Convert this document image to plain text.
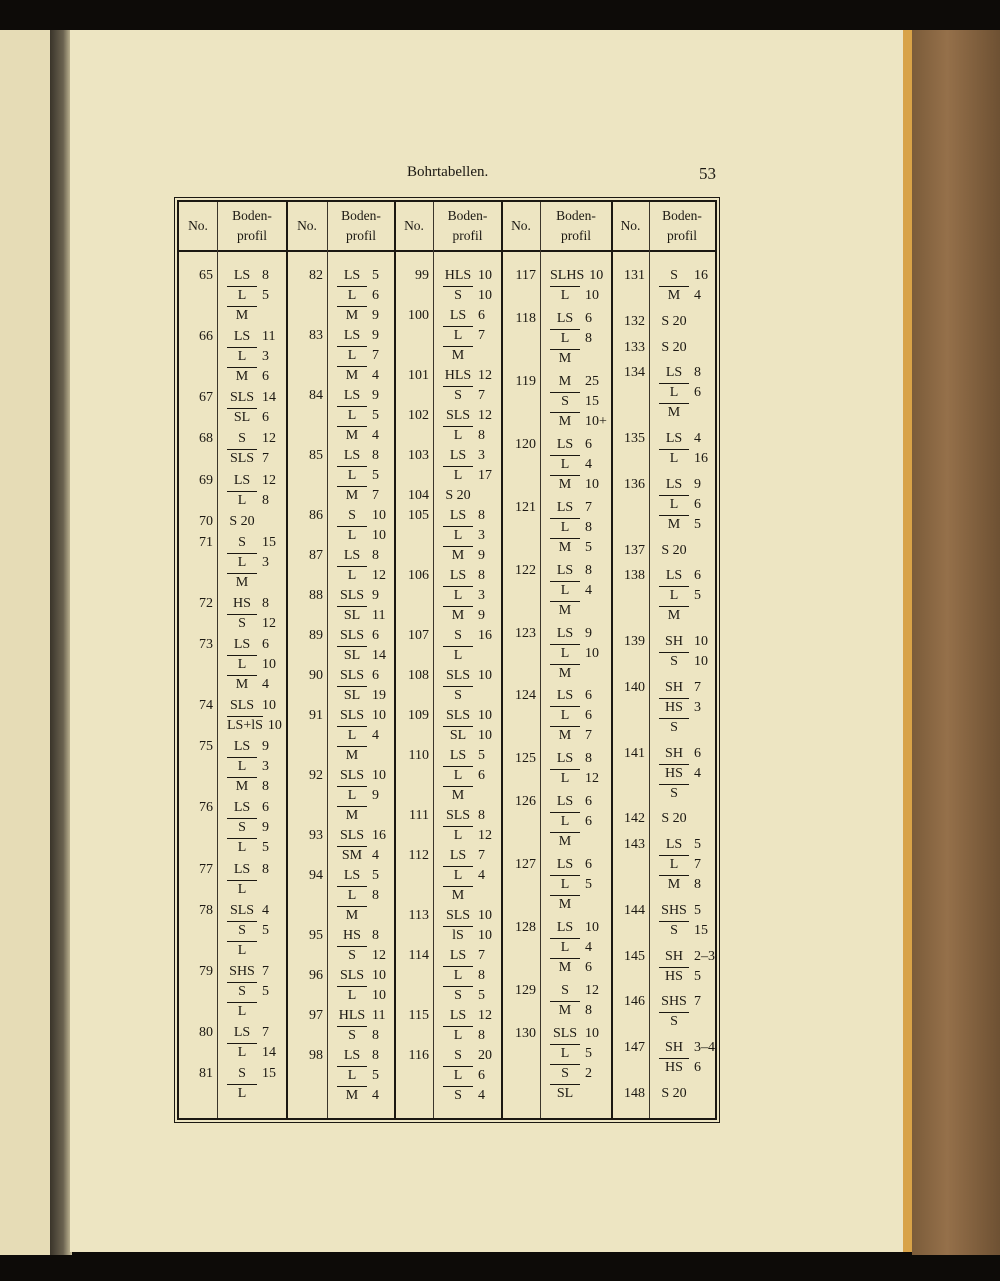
Bohrtabellen.	53
No.
Boden-
profil
65	LS 8
L 5
M
66	LS 11
L 3
M 6
67 SLS 14
SL 6
68	S 12
SLS 7
69	LS 12
L 8
70 S 20
71	S 15
L 3
M
72	HS 8
S 12
73	LS 6
L 10
M 4
74 SLS 10
LS+lS 10
75	LS 9
L 3
M 8
76	LS 6
S 9
L 5
77	LS 8
L
78 SLS 4
S 5
L
79 SHS 7
S 5
L
80	LS 7
L 14
81	S 15
L
No.
Boden-
profil
82	LS 5
L 6
M 9
83	LS 9
L 7
M 4
84	LS 9
L 5
M 4
85	LS 8
L 5
M 7
86	S 10
L 10
87	LS 8
L 12
88 SLS 9
SL 11
89 SLS 6
SL 14
90 SLS 6
SL 19
91 SLS 10
L 4
M
92 SLS 10
L 9
M
93 SLS 16
SM 4
94	LS 5
L 8
M
95	HS 8
S 12
96 SLS 10
L 10
97 HLS 11
S 8
98	LS 8
L 5
M 4
No.
Boden-
profil
99 HLS 10
S 10
100	LS 6
L 7
M
101 HLS 12
S 7
102 SLS 12
L 8
103	LS 3
L 17
104 S 20
105	LS 8
L 3
M 9
106	LS 8
L 3
M 9
107	S 16
L
108 SLS 10
S
109 SLS 10
SL 10
110	LS 5
L 6
M
111 SLS 8
L 12
112	LS 7
L 4
M
113 SLS 10
lS 10
114	LS 7
L 8
S 5
115	LS 12
L 8
116	S 20
L 6
S 4
No.
Boden-
profil
117 SLHS 10
L 10
118	LS 6
L 8
M
119	M 25
S 15
M 10+
120	LS 6
L 4
M 10
121	LS 7
L 8
M 5
122	LS 8
L 4
M
123	LS 9
L 10
M
124	LS 6
L 6
M 7
125	LS 8
L 12
126	LS 6
L 6
M
127	LS 6
L 5
M
128	LS 10
L 4
M 6
129	S 12
M 8
130 SLS 10
L 5
S 2
SL
No.
Boden-
profil
131	S 16
M 4
132 S 20
133 S 20
134	LS 8
L 6
M
135	LS 4
L 16
136	LS 9
L 6
M 5
137 S 20
138	LS 6
L 5
M
139	SH 10
S 10
140	SH 7
HS 3
S
141	SH 6
HS 4
S
142 S 20
143	LS 5
L 7
M 8
144 SHS 5
S 15
145	SH 2–3
HS 5
146 SHS 7
S
147	SH 3–4
HS 6
148 S 20
